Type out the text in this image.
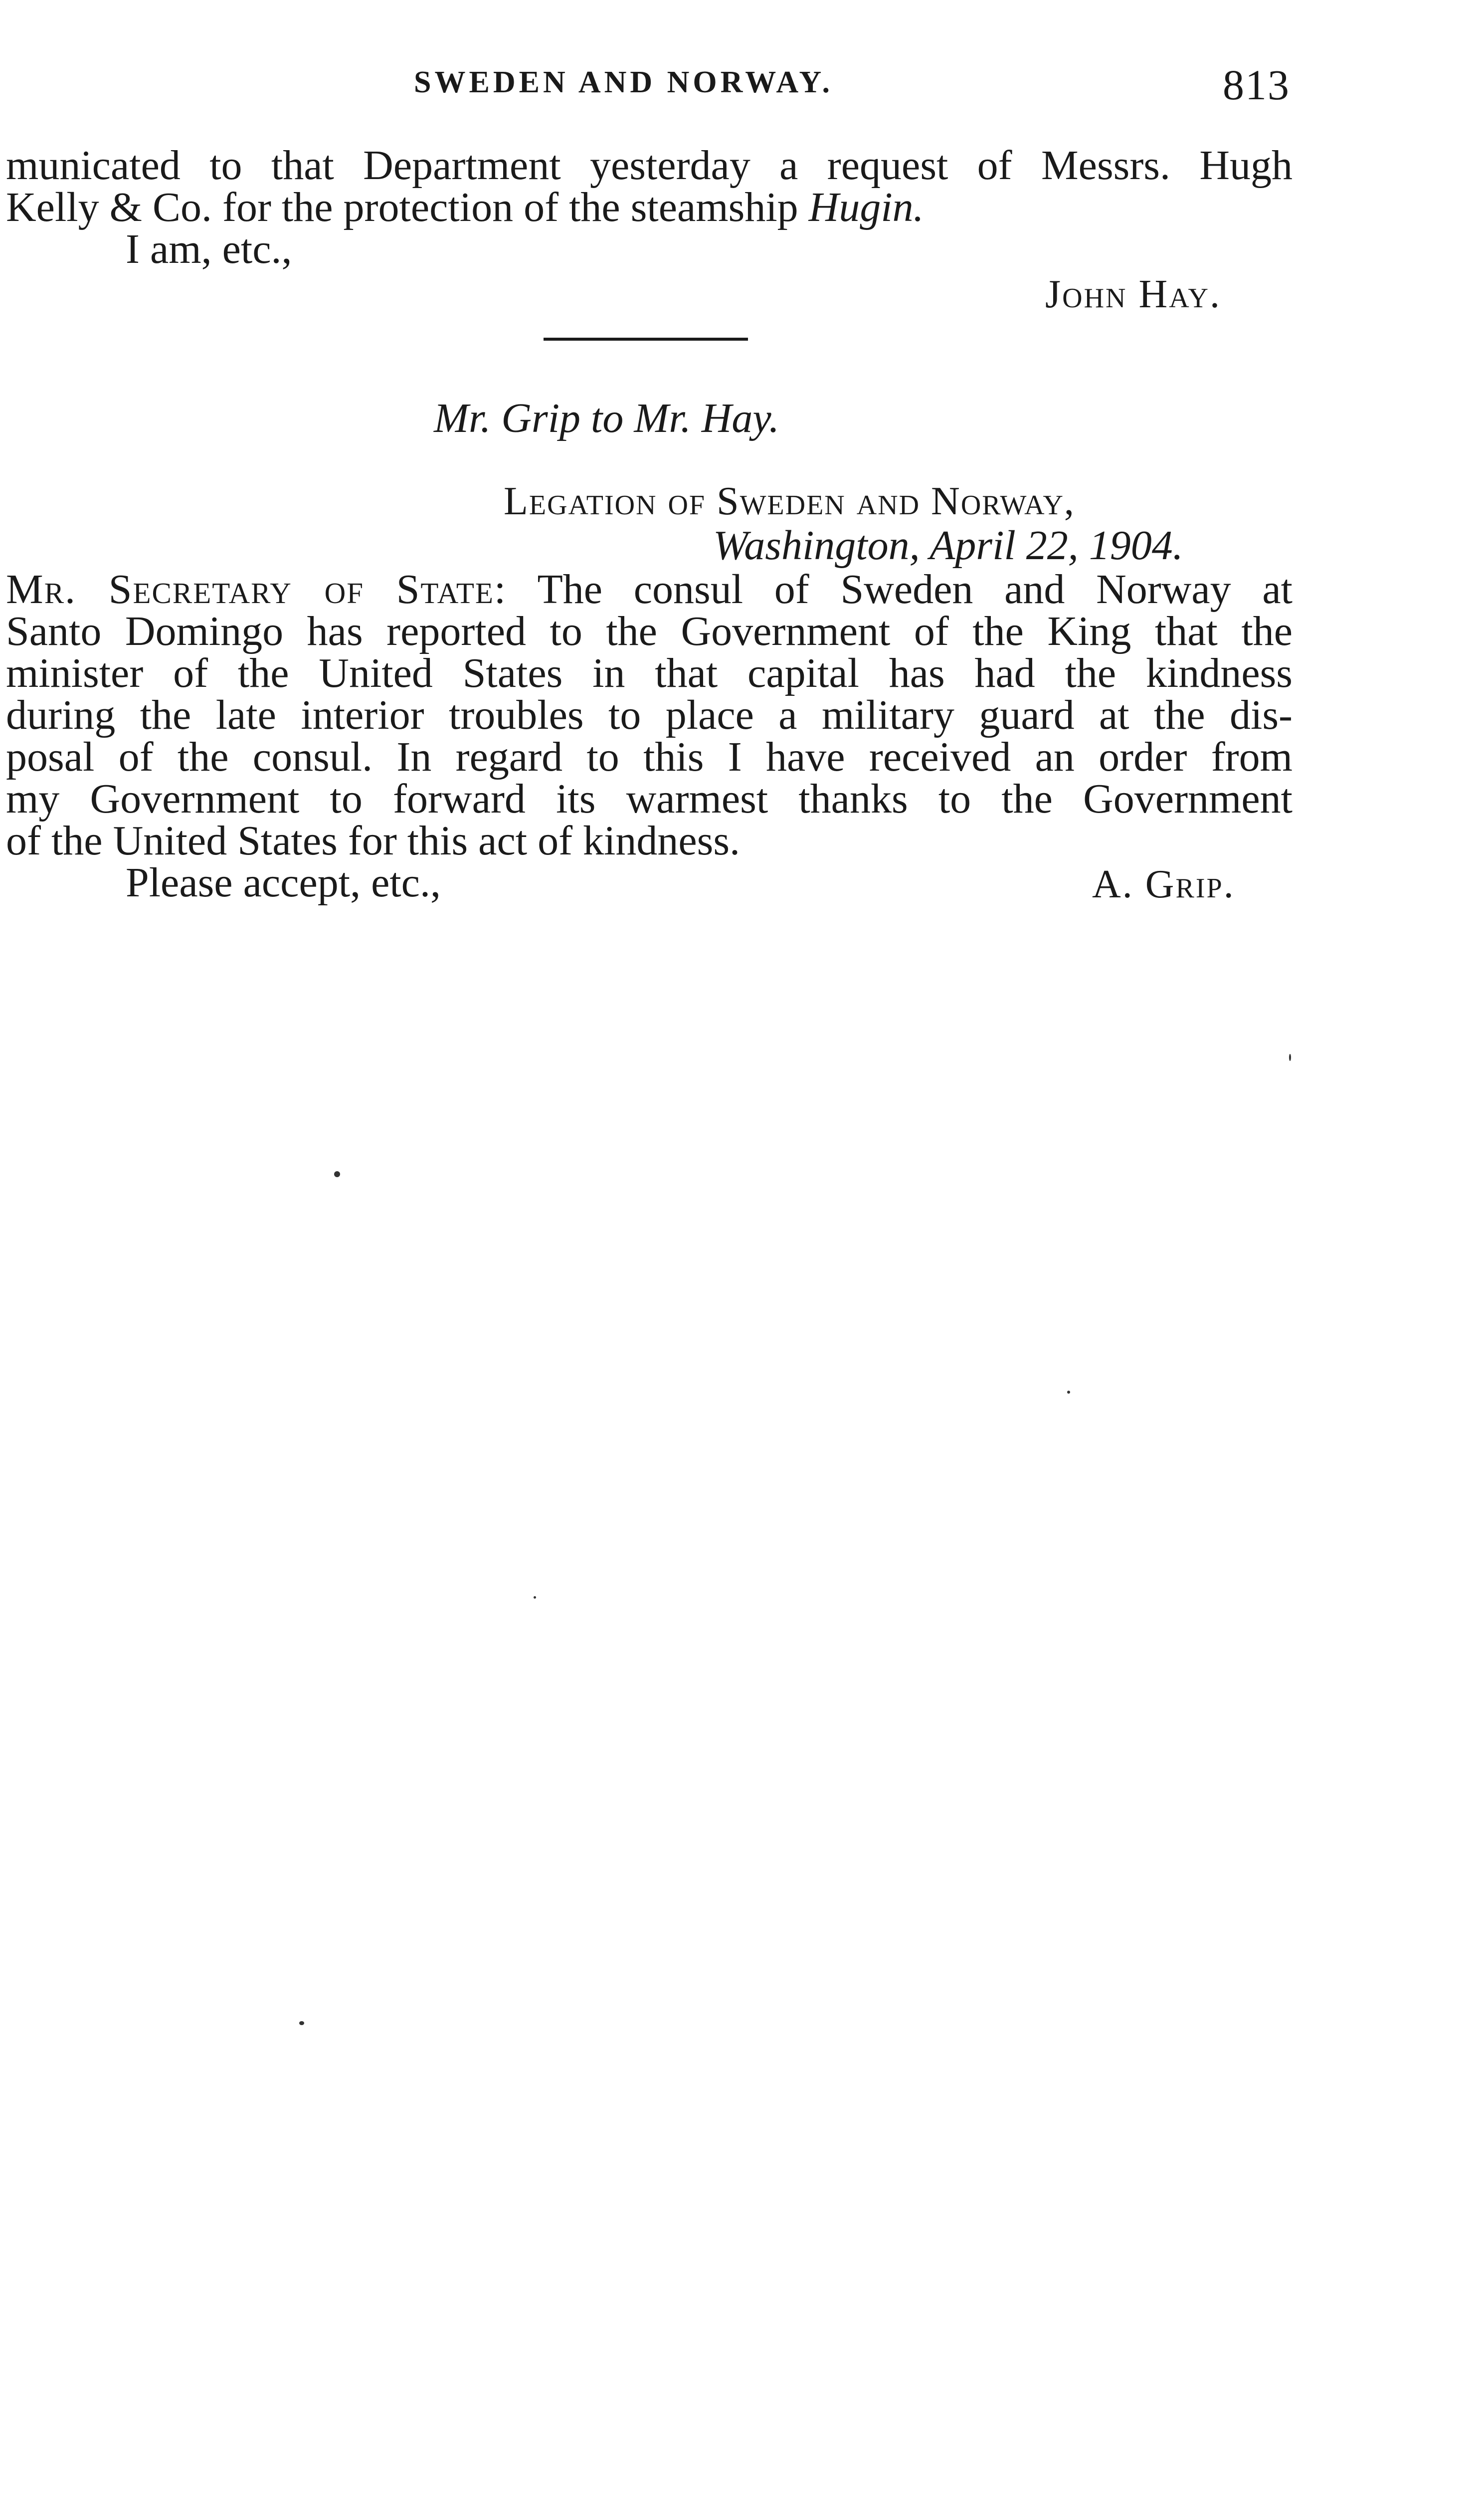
SWEDEN AND NORWAY.	813
municated to that Department yesterday a request of Messrs. Hugh
Kelly & Co. for the protection of the steamship Hugin.
I am, etc.,
John Hay.
Mr. Grip to Mr. Hay.
Legation of Sweden and Norway,
Washington, April 22, 1904.
Mr. Secretary of State: The consul of Sweden and Norway at
Santo Domingo has reported to the Government of the King that the
minister of the United States in that capital has had the kindness
during the late interior troubles to place a military guard at the dis-
posal of the consul. In regard to this I have received an order from
my Government to forward its warmest thanks to the Government
of the United States for this act of kindness.
Please accept, etc.,	A. Grip.
